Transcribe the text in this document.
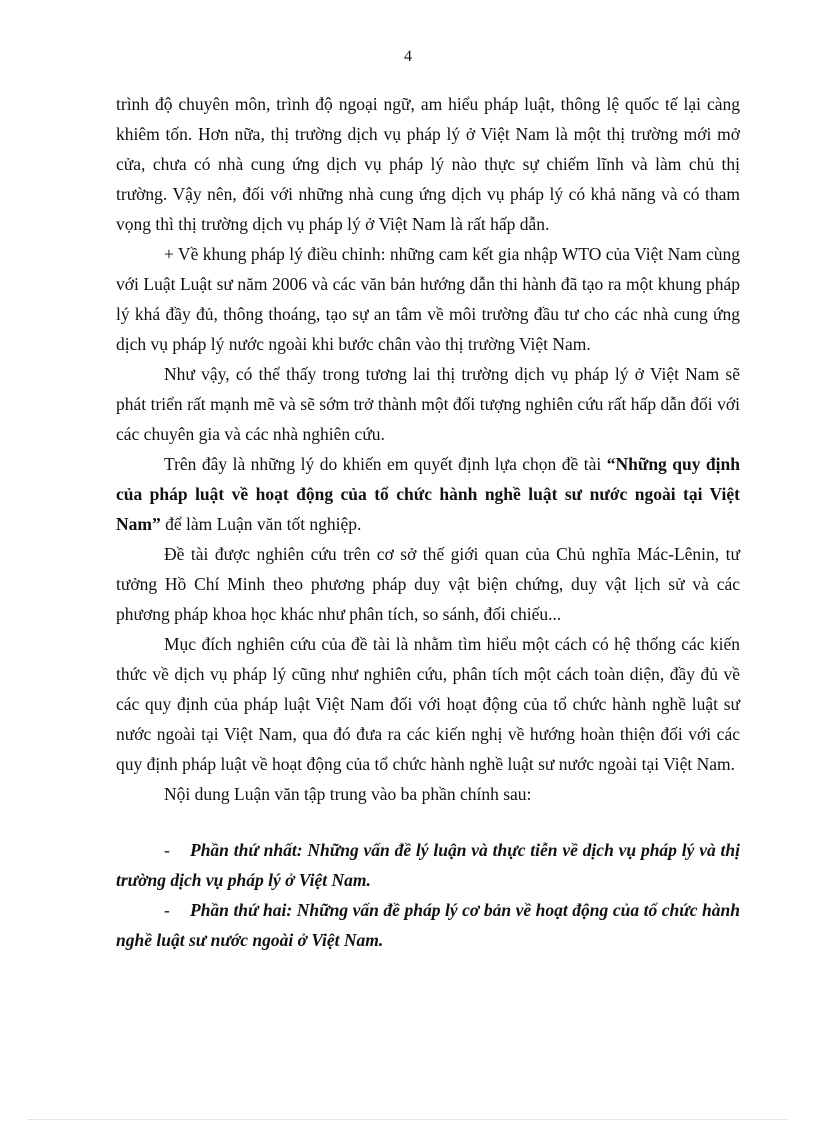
4

trình độ chuyên môn, trình độ ngoại ngữ, am hiểu pháp luật, thông lệ quốc tế lại càng khiêm tốn. Hơn nữa, thị trường dịch vụ pháp lý ở Việt Nam là một thị trường mới mở cửa, chưa có nhà cung ứng dịch vụ pháp lý nào thực sự chiếm lĩnh và làm chủ thị trường. Vậy nên, đối với những nhà cung ứng dịch vụ pháp lý có khả năng và có tham vọng thì thị trường dịch vụ pháp lý ở Việt Nam là rất hấp dẫn.

+ Về khung pháp lý điều chỉnh: những cam kết gia nhập WTO của Việt Nam cùng với Luật Luật sư năm 2006 và các văn bản hướng dẫn thi hành đã tạo ra một khung pháp lý khá đầy đủ, thông thoáng, tạo sự an tâm về môi trường đầu tư cho các nhà cung ứng dịch vụ pháp lý nước ngoài khi bước chân vào thị trường Việt Nam.

Như vậy, có thể thấy trong tương lai thị trường dịch vụ pháp lý ở Việt Nam sẽ phát triển rất mạnh mẽ và sẽ sớm trở thành một đối tượng nghiên cứu rất hấp dẫn đối với các chuyên gia và các nhà nghiên cứu.

Trên đây là những lý do khiến em quyết định lựa chọn đề tài “Những quy định của pháp luật về hoạt động của tổ chức hành nghề luật sư nước ngoài tại Việt Nam” để làm Luận văn tốt nghiệp.

Đề tài được nghiên cứu trên cơ sở thế giới quan của Chủ nghĩa Mác-Lênin, tư tưởng Hồ Chí Minh theo phương pháp duy vật biện chứng, duy vật lịch sử và các phương pháp khoa học khác như phân tích, so sánh, đối chiếu...

Mục đích nghiên cứu của đề tài là nhằm tìm hiểu một cách có hệ thống các kiến thức về dịch vụ pháp lý cũng như nghiên cứu, phân tích một cách toàn diện, đầy đủ về các quy định của pháp luật Việt Nam đối với hoạt động của tổ chức hành nghề luật sư nước ngoài tại Việt Nam, qua đó đưa ra các kiến nghị về hướng hoàn thiện đối với các quy định pháp luật về hoạt động của tổ chức hành nghề luật sư nước ngoài tại Việt Nam.

Nội dung Luận văn tập trung vào ba phần chính sau:

- Phần thứ nhất: Những vấn đề lý luận và thực tiễn về dịch vụ pháp lý và thị trường dịch vụ pháp lý ở Việt Nam.

- Phần thứ hai: Những vấn đề pháp lý cơ bản về hoạt động của tổ chức hành nghề luật sư nước ngoài ở Việt Nam.
